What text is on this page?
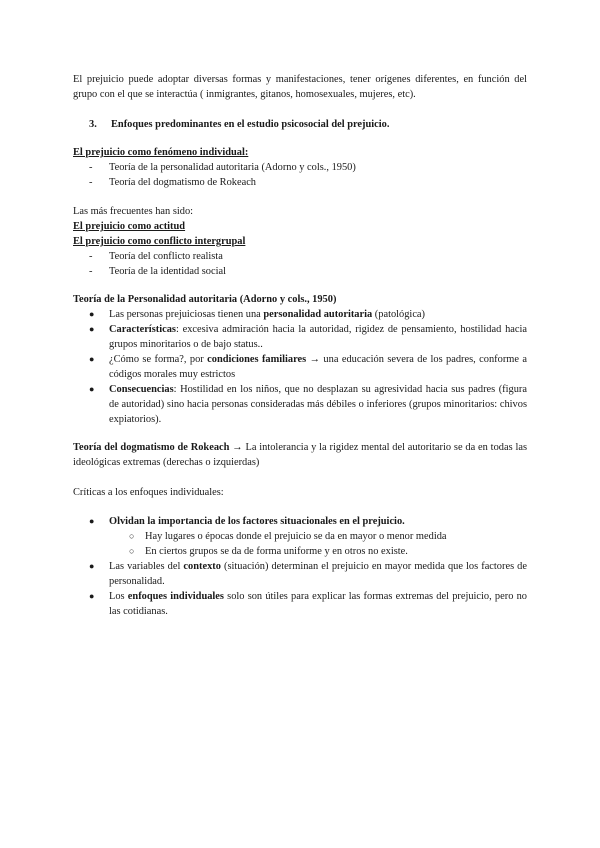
El prejuicio puede adoptar diversas formas y manifestaciones, tener orígenes diferentes, en función del grupo con el que se interactúa ( inmigrantes, gitanos, homosexuales, mujeres, etc).
3. Enfoques predominantes en el estudio psicosocial del prejuicio.
El prejuicio como fenómeno individual:
- Teoría de la personalidad autoritaria (Adorno y cols., 1950)
- Teoría del dogmatismo de Rokeach
Las más frecuentes han sido:
El prejuicio como actitud
El prejuicio como conflicto intergrupal
- Teoría del conflicto realista
- Teoría de la identidad social
Teoría de la Personalidad autoritaria (Adorno y cols., 1950)
● Las personas prejuiciosas tienen una personalidad autoritaria (patológica)
● Características: excesiva admiración hacia la autoridad, rigidez de pensamiento, hostilidad hacia grupos minoritarios o de bajo status..
● ¿Cómo se forma?, por condiciones familiares → una educación severa de los padres, conforme a códigos morales muy estrictos
● Consecuencias: Hostilidad en los niños, que no desplazan su agresividad hacia sus padres (figura de autoridad) sino hacia personas consideradas más débiles o inferiores (grupos minoritarios: chivos expiatorios).
Teoría del dogmatismo de Rokeach → La intolerancia y la rigidez mental del autoritario se da en todas las ideológicas extremas (derechas o izquierdas)
Críticas a los enfoques individuales:
● Olvidan la importancia de los factores situacionales en el prejuicio.
○ Hay lugares o épocas donde el prejuicio se da en mayor o menor medida
○ En ciertos grupos se da de forma uniforme y en otros no existe.
● Las variables del contexto (situación) determinan el prejuicio en mayor medida que los factores de personalidad.
● Los enfoques individuales solo son útiles para explicar las formas extremas del prejuicio, pero no las cotidianas.
